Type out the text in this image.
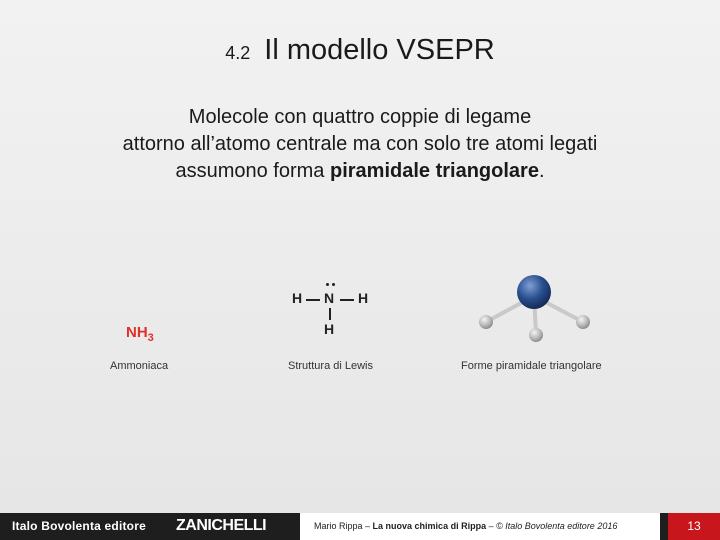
4.2 Il modello VSEPR
Molecole con quattro coppie di legame
attorno all’atomo centrale ma con solo tre atomi legati
assumono forma piramidale triangolare.
$NH_3$
H N H
H
Ammoniaca	Struttura di Lewis	Forme piramidale triangolare
Italo Bovolenta editore ZANICHELLI	Mario Rippa – La nuova chimica di Rippa – © Italo Bovolenta editore 2016	13
